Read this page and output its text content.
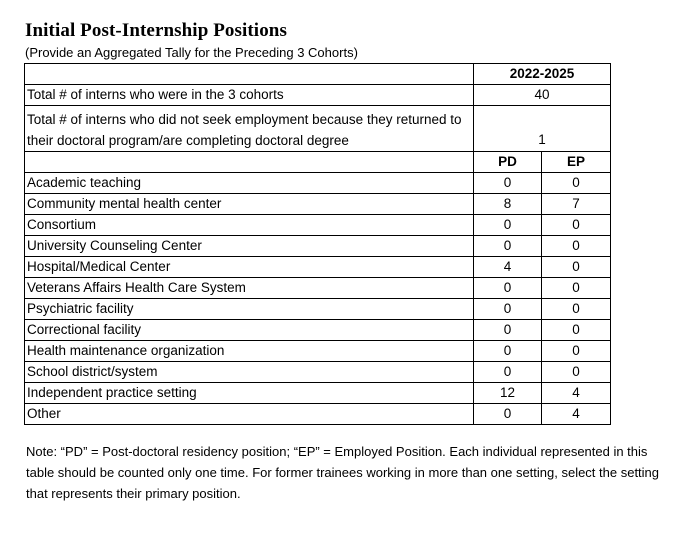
Initial Post-Internship Positions
(Provide an Aggregated Tally for the Preceding 3 Cohorts)
	2022-2025	
Total # of interns who were in the 3 cohorts	40	
Total # of interns who did not seek employment because they returned to their doctoral program/are completing doctoral degree	1	
	PD	EP
Academic teaching	0	0
Community mental health center	8	7
Consortium	0	0
University Counseling Center	0	0
Hospital/Medical Center	4	0
Veterans Affairs Health Care System	0	0
Psychiatric facility	0	0
Correctional facility	0	0
Health maintenance organization	0	0
School district/system	0	0
Independent practice setting	12	4
Other	0	4
Note: “PD” = Post-doctoral residency position; “EP” = Employed Position. Each individual represented in this table should be counted only one time. For former trainees working in more than one setting, select the setting that represents their primary position.
